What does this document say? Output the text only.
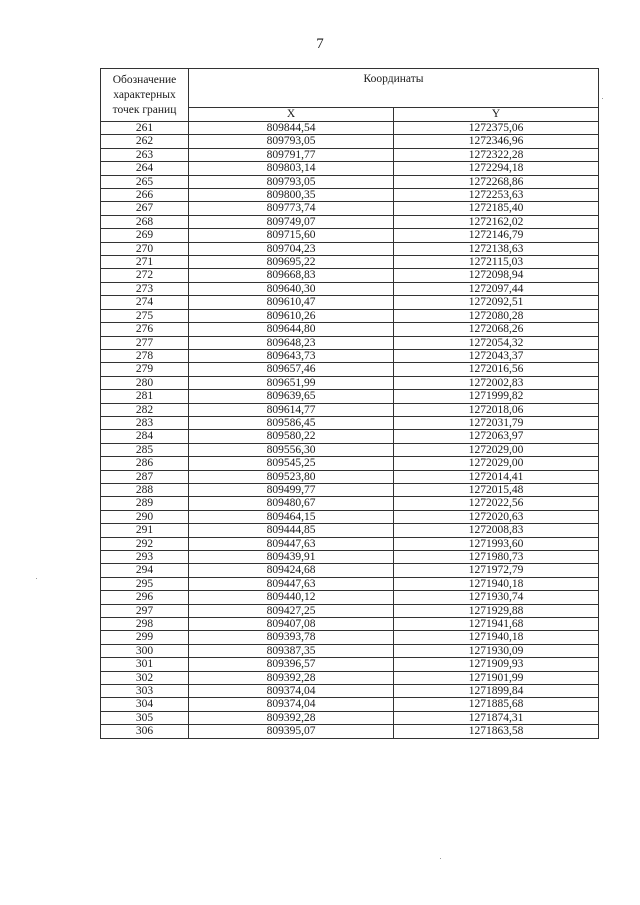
7
Обозначение характерных точек границ	Координаты	
	X	Y
261	809844,54	1272375,06
262	809793,05	1272346,96
263	809791,77	1272322,28
264	809803,14	1272294,18
265	809793,05	1272268,86
266	809800,35	1272253,63
267	809773,74	1272185,40
268	809749,07	1272162,02
269	809715,60	1272146,79
270	809704,23	1272138,63
271	809695,22	1272115,03
272	809668,83	1272098,94
273	809640,30	1272097,44
274	809610,47	1272092,51
275	809610,26	1272080,28
276	809644,80	1272068,26
277	809648,23	1272054,32
278	809643,73	1272043,37
279	809657,46	1272016,56
280	809651,99	1272002,83
281	809639,65	1271999,82
282	809614,77	1272018,06
283	809586,45	1272031,79
284	809580,22	1272063,97
285	809556,30	1272029,00
286	809545,25	1272029,00
287	809523,80	1272014,41
288	809499,77	1272015,48
289	809480,67	1272022,56
290	809464,15	1272020,63
291	809444,85	1272008,83
292	809447,63	1271993,60
293	809439,91	1271980,73
294	809424,68	1271972,79
295	809447,63	1271940,18
296	809440,12	1271930,74
297	809427,25	1271929,88
298	809407,08	1271941,68
299	809393,78	1271940,18
300	809387,35	1271930,09
301	809396,57	1271909,93
302	809392,28	1271901,99
303	809374,04	1271899,84
304	809374,04	1271885,68
305	809392,28	1271874,31
306	809395,07	1271863,58
